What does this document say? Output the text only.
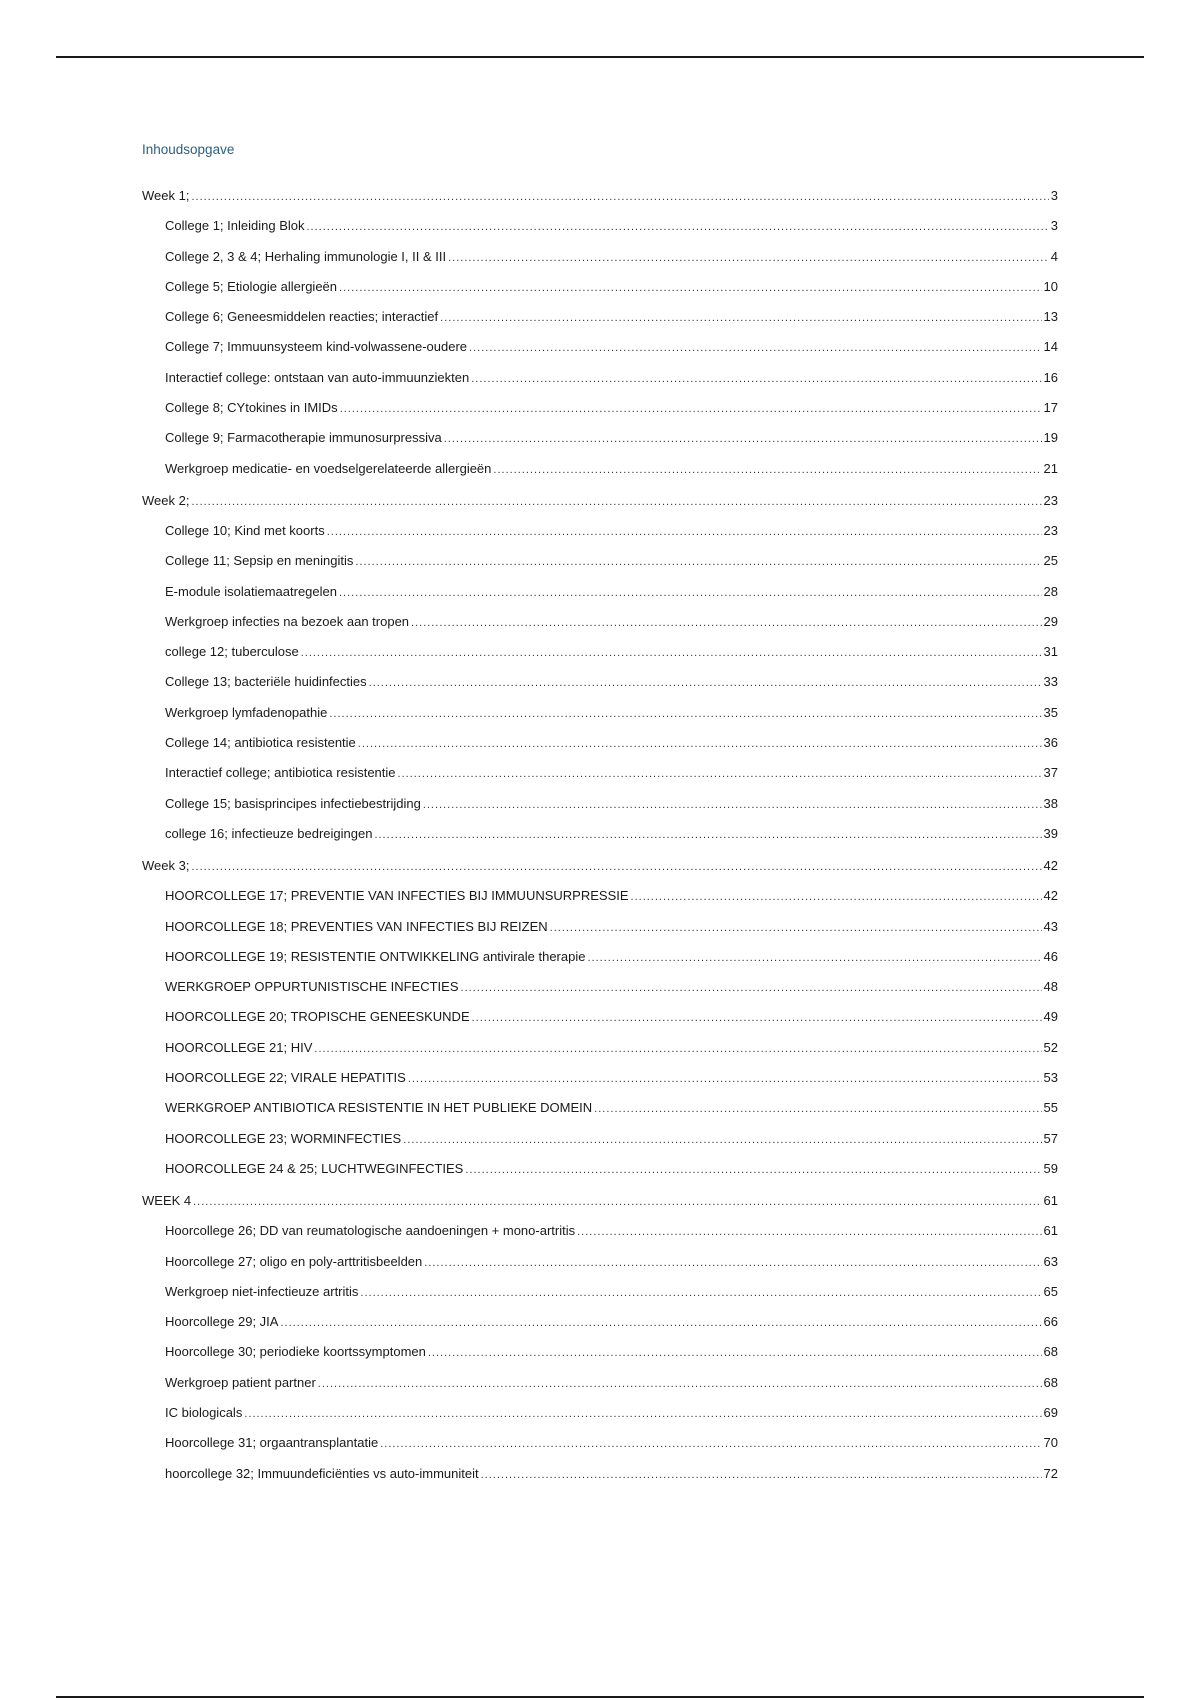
Inhoudsopgave
Week 1; .....	3
College 1; Inleiding Blok .....	3
College 2, 3 & 4; Herhaling immunologie I, II & III .....	4
College 5; Etiologie allergieën .....	10
College 6; Geneesmiddelen reacties; interactief .....	13
College 7; Immuunsysteem kind-volwassene-oudere .....	14
Interactief college: ontstaan van auto-immuunziekten .....	16
College 8; CYtokines in IMIDs .....	17
College 9; Farmacotherapie immunosurpressiva .....	19
Werkgroep medicatie- en voedselgerelateerde allergieën .....	21
Week 2; .....	23
College 10; Kind met koorts .....	23
College 11; Sepsip en meningitis .....	25
E-module isolatiemaatregelen .....	28
Werkgroep infecties na bezoek aan tropen .....	29
college 12; tuberculose .....	31
College 13; bacteriële huidinfecties .....	33
Werkgroep lymfadenopathie .....	35
College 14; antibiotica resistentie .....	36
Interactief college; antibiotica resistentie .....	37
College 15; basisprincipes infectiebestrijding .....	38
college 16; infectieuze bedreigingen .....	39
Week 3; .....	42
HOORCOLLEGE 17; PREVENTIE VAN INFECTIES BIJ IMMUUNSURPRESSIE .....	42
HOORCOLLEGE 18; PREVENTIES VAN INFECTIES BIJ REIZEN .....	43
HOORCOLLEGE 19; RESISTENTIE ONTWIKKELING antivirale therapie .....	46
WERKGROEP OPPURTUNISTISCHE INFECTIES .....	48
HOORCOLLEGE 20; TROPISCHE GENEESKUNDE .....	49
HOORCOLLEGE 21; HIV .....	52
HOORCOLLEGE 22; VIRALE HEPATITIS .....	53
WERKGROEP ANTIBIOTICA RESISTENTIE IN HET PUBLIEKE DOMEIN .....	55
HOORCOLLEGE 23; WORMINFECTIES .....	57
HOORCOLLEGE 24 & 25; LUCHTWEGINFECTIES .....	59
WEEK 4 .....	61
Hoorcollege 26; DD van reumatologische aandoeningen + mono-artritis .....	61
Hoorcollege 27; oligo en poly-arttritisbeelden .....	63
Werkgroep niet-infectieuze artritis .....	65
Hoorcollege 29; JIA .....	66
Hoorcollege 30; periodieke koortssymptomen .....	68
Werkgroep patient partner .....	68
IC biologicals .....	69
Hoorcollege 31; orgaantransplantatie .....	70
hoorcollege 32; Immuundeficiënties vs auto-immuniteit .....	72
